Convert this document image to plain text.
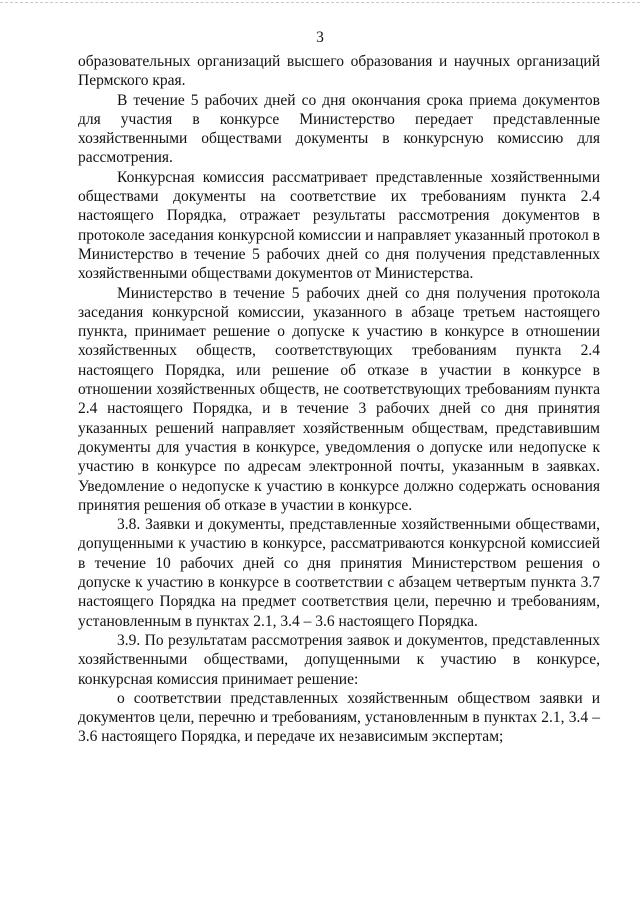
3

образовательных организаций высшего образования и научных организаций Пермского края.

В течение 5 рабочих дней со дня окончания срока приема документов для участия в конкурсе Министерство передает представленные хозяйственными обществами документы в конкурсную комиссию для рассмотрения.

Конкурсная комиссия рассматривает представленные хозяйственными обществами документы на соответствие их требованиям пункта 2.4 настоящего Порядка, отражает результаты рассмотрения документов в протоколе заседания конкурсной комиссии и направляет указанный протокол в Министерство в течение 5 рабочих дней со дня получения представленных хозяйственными обществами документов от Министерства.

Министерство в течение 5 рабочих дней со дня получения протокола заседания конкурсной комиссии, указанного в абзаце третьем настоящего пункта, принимает решение о допуске к участию в конкурсе в отношении хозяйственных обществ, соответствующих требованиям пункта 2.4 настоящего Порядка, или решение об отказе в участии в конкурсе в отношении хозяйственных обществ, не соответствующих требованиям пункта 2.4 настоящего Порядка, и в течение 3 рабочих дней со дня принятия указанных решений направляет хозяйственным обществам, представившим документы для участия в конкурсе, уведомления о допуске или недопуске к участию в конкурсе по адресам электронной почты, указанным в заявках. Уведомление о недопуске к участию в конкурсе должно содержать основания принятия решения об отказе в участии в конкурсе.

3.8. Заявки и документы, представленные хозяйственными обществами, допущенными к участию в конкурсе, рассматриваются конкурсной комиссией в течение 10 рабочих дней со дня принятия Министерством решения о допуске к участию в конкурсе в соответствии с абзацем четвертым пункта 3.7 настоящего Порядка на предмет соответствия цели, перечню и требованиям, установленным в пунктах 2.1, 3.4 – 3.6 настоящего Порядка.

3.9. По результатам рассмотрения заявок и документов, представленных хозяйственными обществами, допущенными к участию в конкурсе, конкурсная комиссия принимает решение:

о соответствии представленных хозяйственным обществом заявки и документов цели, перечню и требованиям, установленным в пунктах 2.1, 3.4 – 3.6 настоящего Порядка, и передаче их независимым экспертам;
